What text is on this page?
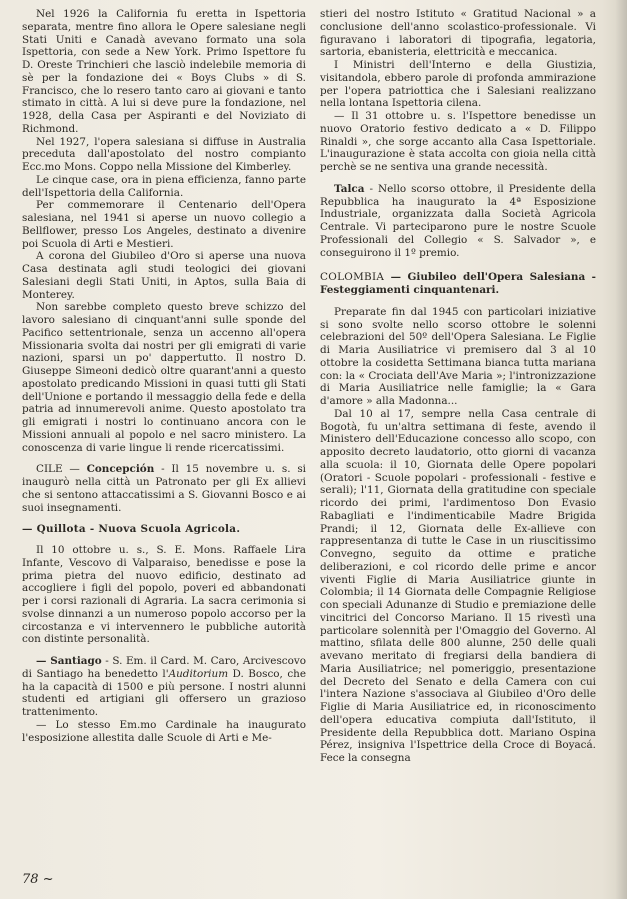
Nel 1926 la California fu eretta in Ispettoria separata, mentre fino allora le Opere salesiane negli Stati Uniti e Canadà avevano formato una sola Ispettoria, con sede a New York. Primo Ispettore fu D. Oreste Trinchieri che lasciò indelebile memoria di sè per la fondazione dei « Boys Clubs » di S. Francisco, che lo resero tanto caro ai giovani e tanto stimato in città. A lui si deve pure la fondazione, nel 1928, della Casa per Aspiranti e del Noviziato di Richmond.

Nel 1927, l'opera salesiana si diffuse in Australia preceduta dall'apostolato del nostro compianto Ecc.mo Mons. Coppo nella Missione del Kimberley.

Le cinque case, ora in piena efficienza, fanno parte dell'Ispettoria della California.

Per commemorare il Centenario dell'Opera salesiana, nel 1941 si aperse un nuovo collegio a Bellflower, presso Los Angeles, destinato a divenire poi Scuola di Arti e Mestieri.

A corona del Giubileo d'Oro si aperse una nuova Casa destinata agli studi teologici dei giovani Salesiani degli Stati Uniti, in Aptos, sulla Baia di Monterey.

Non sarebbe completo questo breve schizzo del lavoro salesiano di cinquant'anni sulle sponde del Pacifico settentrionale, senza un accenno all'opera Missionaria svolta dai nostri per gli emigrati di varie nazioni, sparsi un po' dappertutto. Il nostro D. Giuseppe Simeoni dedicò oltre quarant'anni a questo apostolato predicando Missioni in quasi tutti gli Stati dell'Unione e portando il messaggio della fede e della patria ad innumerevoli anime. Questo apostolato tra gli emigrati i nostri lo continuano ancora con le Missioni annuali al popolo e nel sacro ministero. La conoscenza di varie lingue li rende ricercatissimi.

CILE — Concepción - Il 15 novembre u. s. si inaugurò nella città un Patronato per gli Ex allievi che si sentono attaccatissimi a S. Giovanni Bosco e ai suoi insegnamenti.

— Quillota - Nuova Scuola Agricola.

Il 10 ottobre u. s., S. E. Mons. Raffaele Lira Infante, Vescovo di Valparaiso, benedisse e pose la prima pietra del nuovo edificio, destinato ad accogliere i figli del popolo, poveri ed abbandonati per i corsi razionali di Agraria. La sacra cerimonia si svolse dinnanzi a un numeroso popolo accorso per la circostanza e vi intervennero le pubbliche autorità con distinte personalità.

— Santiago - S. Em. il Card. M. Caro, Arcivescovo di Santiago ha benedetto l'Auditorium D. Bosco, che ha la capacità di 1500 e più persone. I nostri alunni studenti ed artigiani gli offersero un grazioso trattenimento.

— Lo stesso Em.mo Cardinale ha inaugurato l'esposizione allestita dalle Scuole di Arti e Me-

stieri del nostro Istituto « Gratitud Nacional » a conclusione dell'anno scolastico-professionale. Vi figuravano i laboratori di tipografia, legatoria, sartoria, ebanisteria, elettricità e meccanica.

I Ministri dell'Interno e della Giustizia, visitandola, ebbero parole di profonda ammirazione per l'opera patriottica che i Salesiani realizzano nella lontana Ispettoria cilena.

— Il 31 ottobre u. s. l'Ispettore benedisse un nuovo Oratorio festivo dedicato a « D. Filippo Rinaldi », che sorge accanto alla Casa Ispettoriale. L'inaugurazione è stata accolta con gioia nella città perchè se ne sentiva una grande necessità.

Talca - Nello scorso ottobre, il Presidente della Repubblica ha inaugurato la 4ª Esposizione Industriale, organizzata dalla Società Agricola Centrale. Vi parteciparono pure le nostre Scuole Professionali del Collegio « S. Salvador », e conseguirono il 1º premio.

COLOMBIA — Giubileo dell'Opera Salesiana - Festeggiamenti cinquantenari.

Preparate fin dal 1945 con particolari iniziative si sono svolte nello scorso ottobre le solenni celebrazioni del 50º dell'Opera Salesiana. Le Figlie di Maria Ausiliatrice vi premisero dal 3 al 10 ottobre la cosidetta Settimana bianca tutta mariana con: la « Crociata dell'Ave Maria »; l'intronizzazione di Maria Ausiliatrice nelle famiglie; la « Gara d'amore » alla Madonna...

Dal 10 al 17, sempre nella Casa centrale di Bogotà, fu un'altra settimana di feste, avendo il Ministero dell'Educazione concesso allo scopo, con apposito decreto laudatorio, otto giorni di vacanza alla scuola: il 10, Giornata delle Opere popolari (Oratori - Scuole popolari - professionali - festive e serali); l'11, Giornata della gratitudine con speciale ricordo dei primi, l'ardimentoso Don Evasio Rabagliati e l'indimenticabile Madre Brigida Prandi; il 12, Giornata delle Ex-allieve con rappresentanza di tutte le Case in un riuscitissimo Convegno, seguito da ottime e pratiche deliberazioni, e col ricordo delle prime e ancor viventi Figlie di Maria Ausiliatrice giunte in Colombia; il 14 Giornata delle Compagnie Religiose con speciali Adunanze di Studio e premiazione delle vincitrici del Concorso Mariano. Il 15 rivestì una particolare solennità per l'Omaggio del Governo. Al mattino, sfilata delle 800 alunne, 250 delle quali avevano meritato di fregiarsi della bandiera di Maria Ausiliatrice; nel pomeriggio, presentazione del Decreto del Senato e della Camera con cui l'intera Nazione s'associava al Giubileo d'Oro delle Figlie di Maria Ausiliatrice ed, in riconoscimento dell'opera educativa compiuta dall'Istituto, il Presidente della Repubblica dott. Mariano Ospina Pérez, insigniva l'Ispettrice della Croce di Boyacá. Fece la consegna

78 ~
